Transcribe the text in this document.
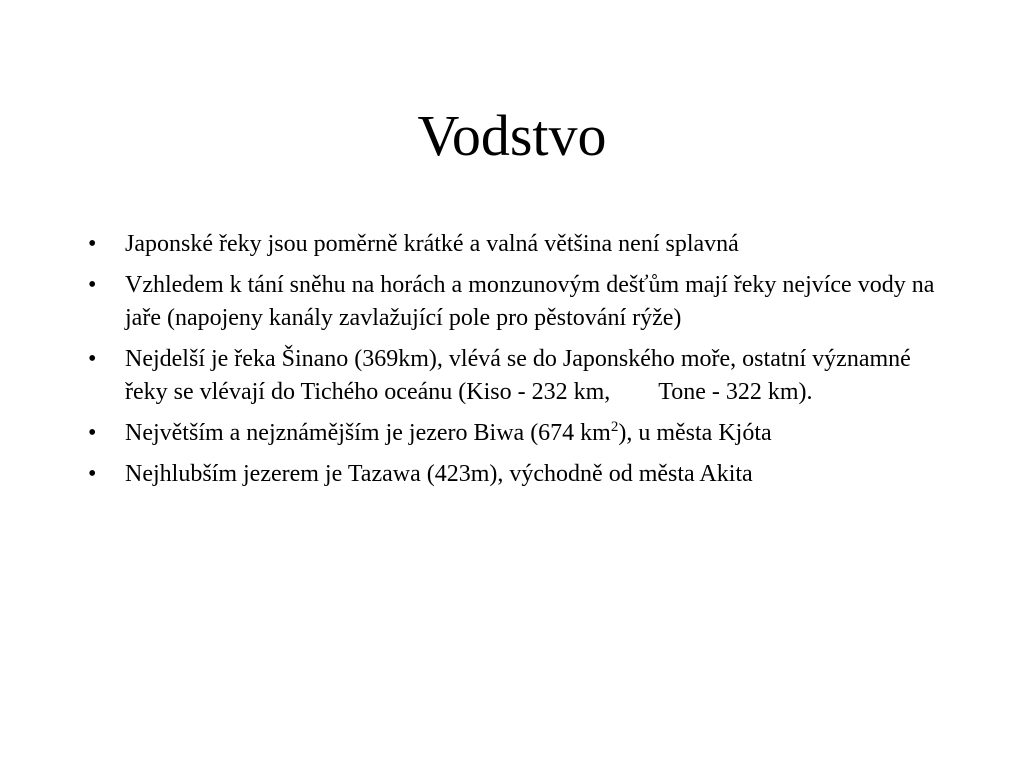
Vodstvo
• Japonské řeky jsou poměrně krátké a valná většina není splavná
• Vzhledem k tání sněhu na horách a monzunovým dešťům mají řeky nejvíce vody na jaře (napojeny kanály zavlažující pole pro pěstování rýže)
• Nejdelší je řeka Šinano (369km), vlévá se do Japonského moře, ostatní významné řeky se vlévají do Tichého oceánu (Kiso - 232 km, Tone - 322 km).
• Největším a nejznámějším je jezero Biwa (674 $km^2$), u města Kjóta
• Nejhlubším jezerem je Tazawa (423m), východně od města Akita
